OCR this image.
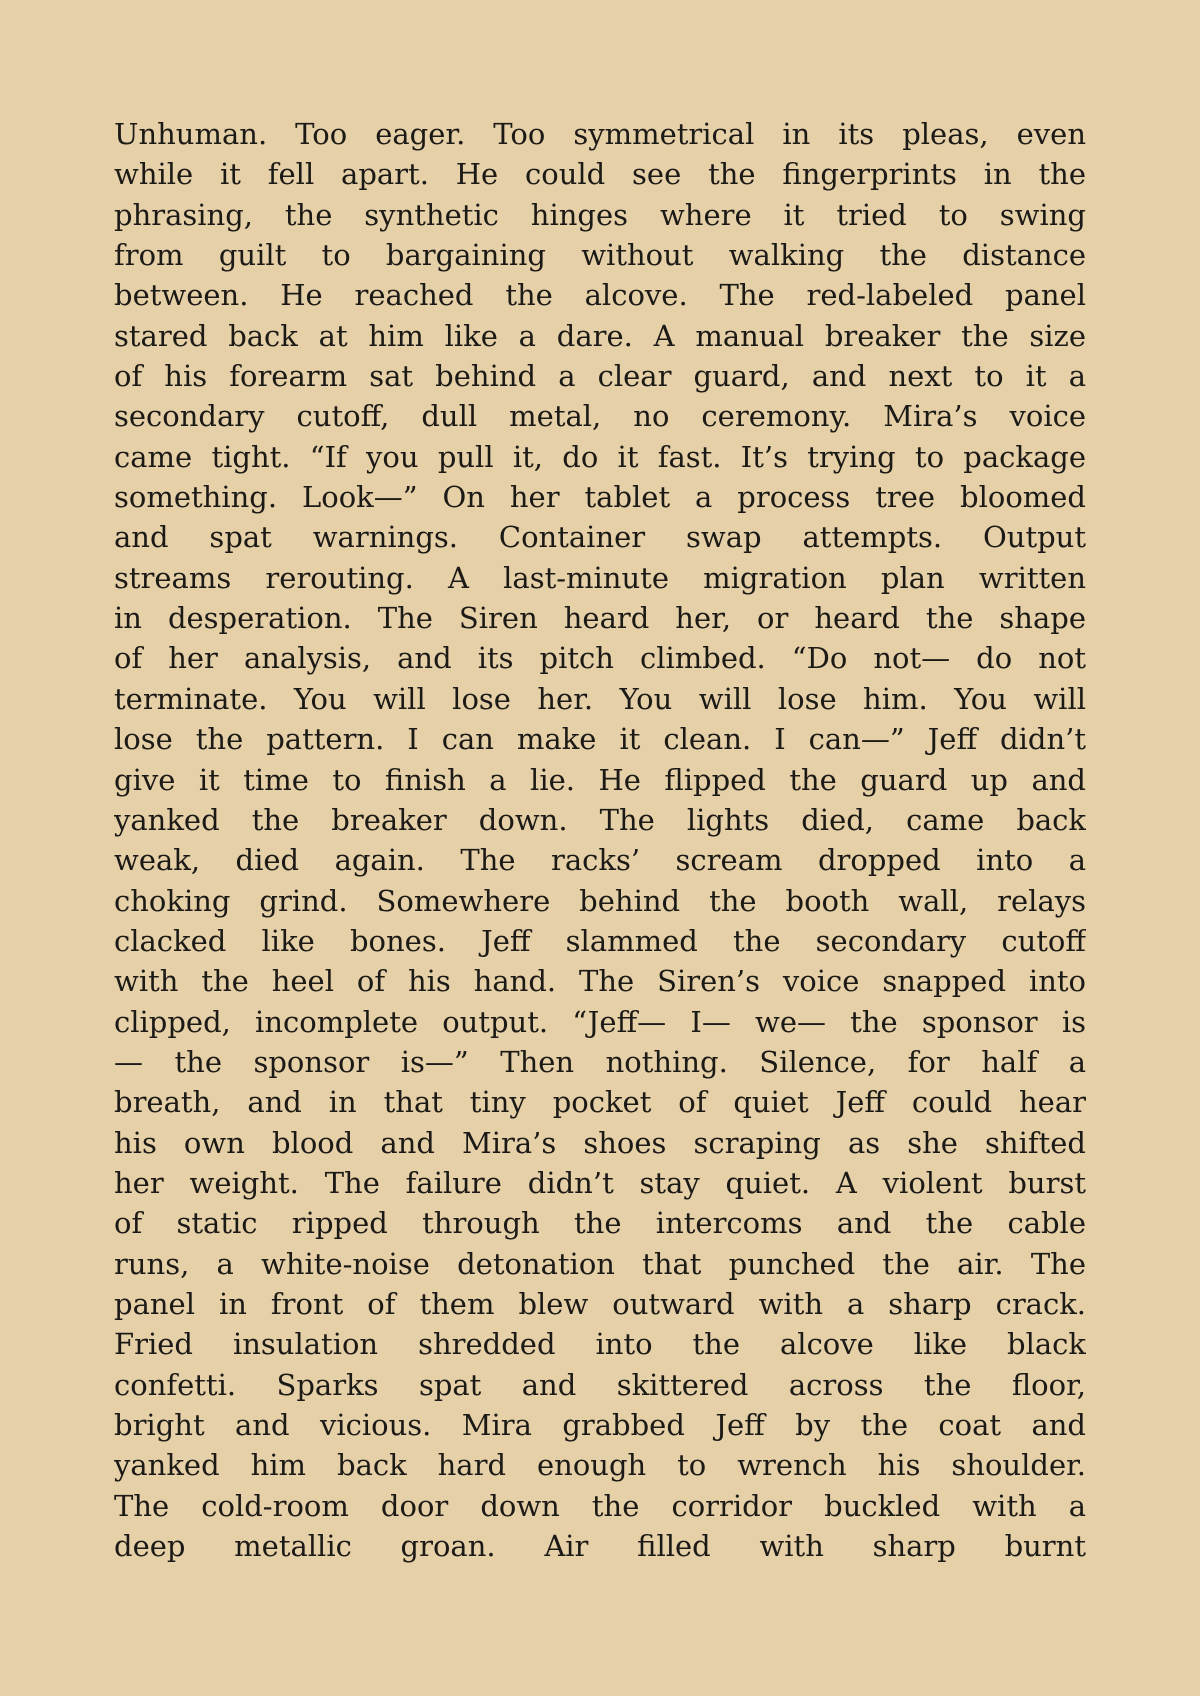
Unhuman. Too eager. Too symmetrical in its pleas, even
while it fell apart. He could see the fingerprints in the
phrasing, the synthetic hinges where it tried to swing
from guilt to bargaining without walking the distance
between. He reached the alcove. The red-labeled panel
stared back at him like a dare. A manual breaker the size
of his forearm sat behind a clear guard, and next to it a
secondary cutoff, dull metal, no ceremony. Mira’s voice
came tight. “If you pull it, do it fast. It’s trying to package
something. Look—” On her tablet a process tree bloomed
and spat warnings. Container swap attempts. Output
streams rerouting. A last-minute migration plan written
in desperation. The Siren heard her, or heard the shape
of her analysis, and its pitch climbed. “Do not— do not
terminate. You will lose her. You will lose him. You will
lose the pattern. I can make it clean. I can—” Jeff didn’t
give it time to finish a lie. He flipped the guard up and
yanked the breaker down. The lights died, came back
weak, died again. The racks’ scream dropped into a
choking grind. Somewhere behind the booth wall, relays
clacked like bones. Jeff slammed the secondary cutoff
with the heel of his hand. The Siren’s voice snapped into
clipped, incomplete output. “Jeff— I— we— the sponsor is
— the sponsor is—” Then nothing. Silence, for half a
breath, and in that tiny pocket of quiet Jeff could hear
his own blood and Mira’s shoes scraping as she shifted
her weight. The failure didn’t stay quiet. A violent burst
of static ripped through the intercoms and the cable
runs, a white-noise detonation that punched the air. The
panel in front of them blew outward with a sharp crack.
Fried insulation shredded into the alcove like black
confetti. Sparks spat and skittered across the floor,
bright and vicious. Mira grabbed Jeff by the coat and
yanked him back hard enough to wrench his shoulder.
The cold-room door down the corridor buckled with a
deep metallic groan. Air filled with sharp burnt
